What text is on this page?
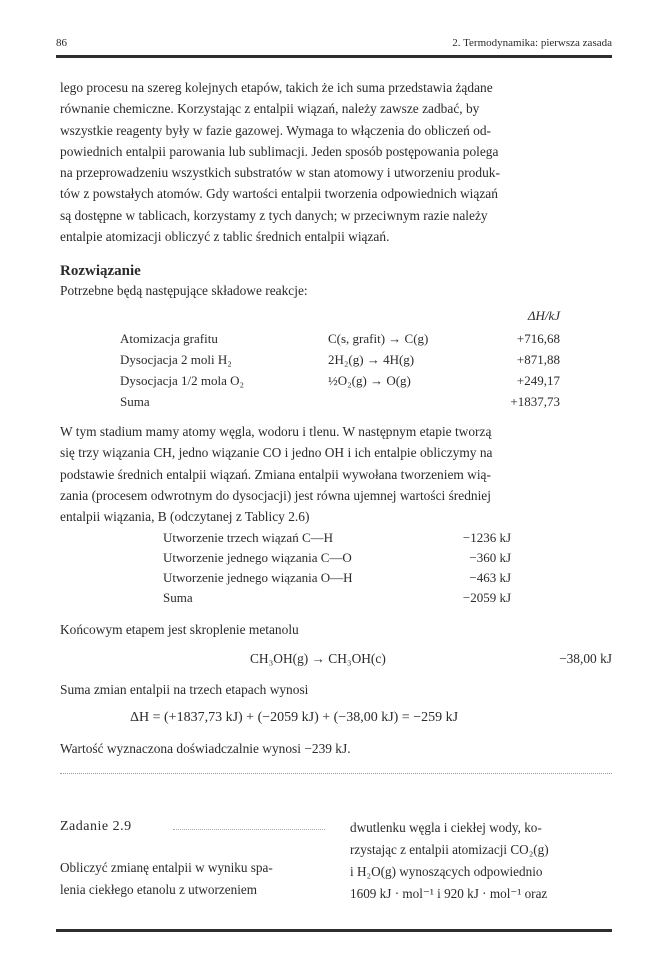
86	2. Termodynamika: pierwsza zasada

lego procesu na szereg kolejnych etapów, takich że ich suma przedstawia żądane
równanie chemiczne. Korzystając z entalpii wiązań, należy zawsze zadbać, by
wszystkie reagenty były w fazie gazowej. Wymaga to włączenia do obliczeń od-
powiednich entalpii parowania lub sublimacji. Jeden sposób postępowania polega
na przeprowadzeniu wszystkich substratów w stan atomowy i utworzeniu produk-
tów z powstałych atomów. Gdy wartości entalpii tworzenia odpowiednich wiązań
są dostępne w tablicach, korzystamy z tych danych; w przeciwnym razie należy
entalpie atomizacji obliczyć z tablic średnich entalpii wiązań.

Rozwiązanie
Potrzebne będą następujące składowe reakcje:
ΔH/kJ
Atomizacja grafitu	C(s, grafit) → C(g)	+716,68
Dysocjacja 2 moli H₂	2H₂(g) → 4H(g)	+871,88
Dysocjacja 1/2 mola O₂	½O₂(g) → O(g)	+249,17
Suma	+1837,73

W tym stadium mamy atomy węgla, wodoru i tlenu. W następnym etapie tworzą
się trzy wiązania CH, jedno wiązanie CO i jedno OH i ich entalpie obliczymy na
podstawie średnich entalpii wiązań. Zmiana entalpii wywołana tworzeniem wią-
zania (procesem odwrotnym do dysocjacji) jest równa ujemnej wartości średniej
entalpii wiązania, B (odczytanej z Tablicy 2.6)

Utworzenie trzech wiązań C—H	−1236 kJ
Utworzenie jednego wiązania C—O	−360 kJ
Utworzenie jednego wiązania O—H	−463 kJ
Suma	−2059 kJ
Końcowym etapem jest skroplenie metanolu
CH₃OH(g) → CH₃OH(c)	−38,00 kJ
Suma zmian entalpii na trzech etapach wynosi
ΔH = (+1837,73 kJ) + (−2059 kJ) + (−38,00 kJ) = −259 kJ
Wartość wyznaczona doświadczalnie wynosi −239 kJ.
Zadanie 2.9

Obliczyć zmianę entalpii w wyniku spa-
lenia ciekłego etanolu z utworzeniem

dwutlenku węgla i ciekłej wody, ko-
rzystając z entalpii atomizacji CO₂(g)
i H₂O(g) wynoszących odpowiednio
1609 kJ · mol⁻¹ i 920 kJ · mol⁻¹ oraz
